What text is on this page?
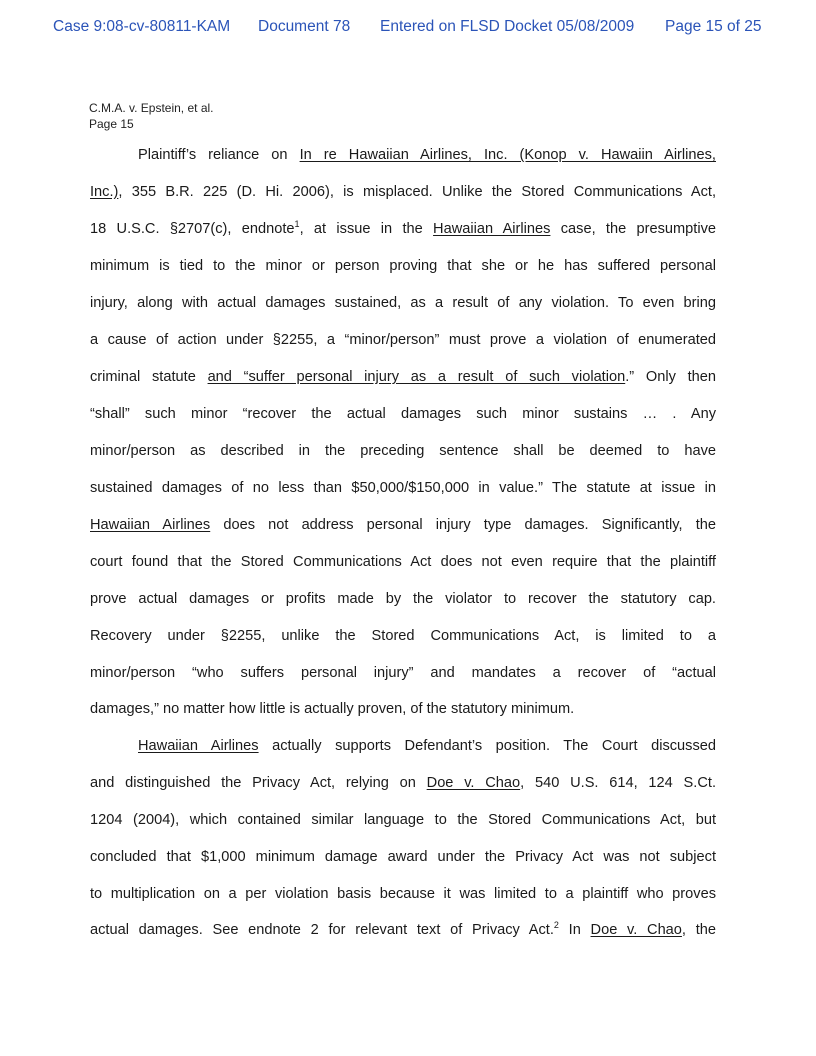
Case 9:08-cv-80811-KAM Document 78 Entered on FLSD Docket 05/08/2009 Page 15 of 25
C.M.A. v. Epstein, et al.
Page 15
Plaintiff’s reliance on In re Hawaiian Airlines, Inc. (Konop v. Hawaiin Airlines,
Inc.), 355 B.R. 225 (D. Hi. 2006), is misplaced. Unlike the Stored Communications Act,
18 U.S.C. §2707(c), endnote$^1$, at issue in the Hawaiian Airlines case, the presumptive
minimum is tied to the minor or person proving that she or he has suffered personal
injury, along with actual damages sustained, as a result of any violation. To even bring
a cause of action under §2255, a “minor/person” must prove a violation of enumerated
criminal statute and “suffer personal injury as a result of such violation.” Only then
“shall” such minor “recover the actual damages such minor sustains … . Any
minor/person as described in the preceding sentence shall be deemed to have
sustained damages of no less than $50,000/$150,000 in value.” The statute at issue in
Hawaiian Airlines does not address personal injury type damages. Significantly, the
court found that the Stored Communications Act does not even require that the plaintiff
prove actual damages or profits made by the violator to recover the statutory cap.
Recovery under §2255, unlike the Stored Communications Act, is limited to a
minor/person “who suffers personal injury” and mandates a recover of “actual
damages,” no matter how little is actually proven, of the statutory minimum.
Hawaiian Airlines actually supports Defendant’s position. The Court discussed
and distinguished the Privacy Act, relying on Doe v. Chao, 540 U.S. 614, 124 S.Ct.
1204 (2004), which contained similar language to the Stored Communications Act, but
concluded that $1,000 minimum damage award under the Privacy Act was not subject
to multiplication on a per violation basis because it was limited to a plaintiff who proves
actual damages. See endnote 2 for relevant text of Privacy Act.$^2$ In Doe v. Chao, the
